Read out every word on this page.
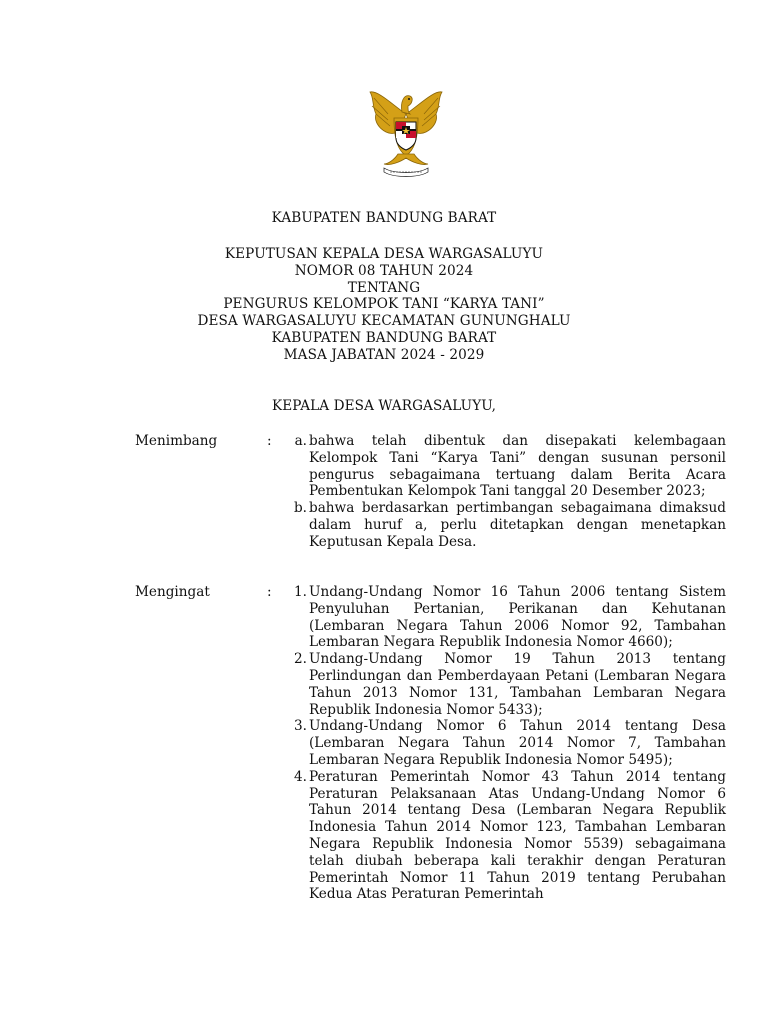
KABUPATEN BANDUNG BARAT
KEPUTUSAN KEPALA DESA WARGASALUYU
NOMOR 08 TAHUN 2024
TENTANG
PENGURUS KELOMPOK TANI “KARYA TANI”
DESA WARGASALUYU KECAMATAN GUNUNGHALU
KABUPATEN BANDUNG BARAT
MASA JABATAN 2024 - 2029
KEPALA DESA WARGASALUYU,
Menimbang	:	a. bahwa telah dibentuk dan disepakati kelembagaan Kelompok Tani “Karya Tani” dengan susunan personil pengurus sebagaimana tertuang dalam Berita Acara Pembentukan Kelompok Tani tanggal 20 Desember 2023;
b. bahwa berdasarkan pertimbangan sebagaimana dimaksud dalam huruf a, perlu ditetapkan dengan menetapkan Keputusan Kepala Desa.
Mengingat	:	1. Undang-Undang Nomor 16 Tahun 2006 tentang Sistem Penyuluhan Pertanian, Perikanan dan Kehutanan (Lembaran Negara Tahun 2006 Nomor 92, Tambahan Lembaran Negara Republik Indonesia Nomor 4660);
2. Undang-Undang Nomor 19 Tahun 2013 tentang Perlindungan dan Pemberdayaan Petani (Lembaran Negara Tahun 2013 Nomor 131, Tambahan Lembaran Negara Republik Indonesia Nomor 5433);
3. Undang-Undang Nomor 6 Tahun 2014 tentang Desa (Lembaran Negara Tahun 2014 Nomor 7, Tambahan Lembaran Negara Republik Indonesia Nomor 5495);
4. Peraturan Pemerintah Nomor 43 Tahun 2014 tentang Peraturan Pelaksanaan Atas Undang-Undang Nomor 6 Tahun 2014 tentang Desa (Lembaran Negara Republik Indonesia Tahun 2014 Nomor 123, Tambahan Lembaran Negara Republik Indonesia Nomor 5539) sebagaimana telah diubah beberapa kali terakhir dengan Peraturan Pemerintah Nomor 11 Tahun 2019 tentang Perubahan Kedua Atas Peraturan Pemerintah
